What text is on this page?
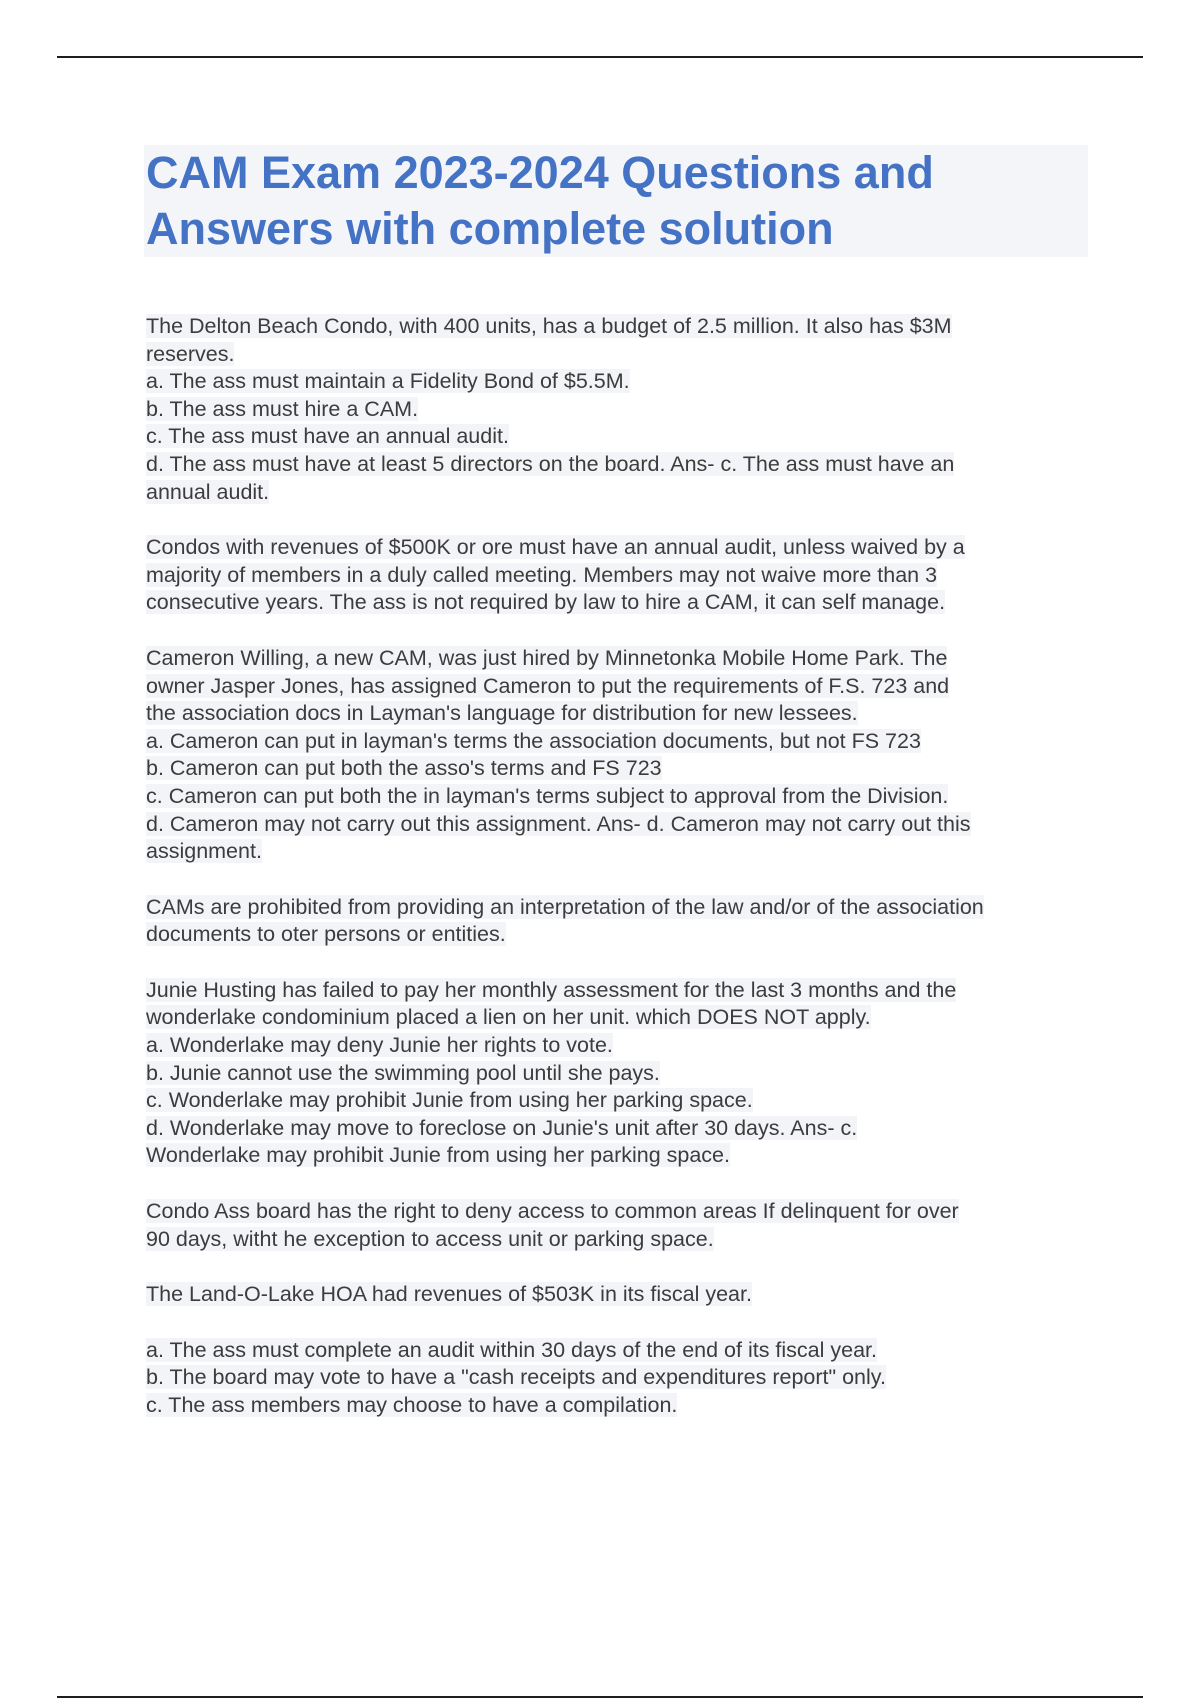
CAM Exam 2023-2024 Questions and
Answers with complete solution

The Delton Beach Condo, with 400 units, has a budget of 2.5 million. It also has $3M
reserves.
a. The ass must maintain a Fidelity Bond of $5.5M.
b. The ass must hire a CAM.
c. The ass must have an annual audit.
d. The ass must have at least 5 directors on the board. Ans- c. The ass must have an
annual audit.

Condos with revenues of $500K or ore must have an annual audit, unless waived by a
majority of members in a duly called meeting. Members may not waive more than 3
consecutive years. The ass is not required by law to hire a CAM, it can self manage.

Cameron Willing, a new CAM, was just hired by Minnetonka Mobile Home Park. The
owner Jasper Jones, has assigned Cameron to put the requirements of F.S. 723 and
the association docs in Layman's language for distribution for new lessees.
a. Cameron can put in layman's terms the association documents, but not FS 723
b. Cameron can put both the asso's terms and FS 723
c. Cameron can put both the in layman's terms subject to approval from the Division.
d. Cameron may not carry out this assignment. Ans- d. Cameron may not carry out this
assignment.

CAMs are prohibited from providing an interpretation of the law and/or of the association
documents to oter persons or entities.

Junie Husting has failed to pay her monthly assessment for the last 3 months and the
wonderlake condominium placed a lien on her unit. which DOES NOT apply.
a. Wonderlake may deny Junie her rights to vote.
b. Junie cannot use the swimming pool until she pays.
c. Wonderlake may prohibit Junie from using her parking space.
d. Wonderlake may move to foreclose on Junie's unit after 30 days. Ans- c.
Wonderlake may prohibit Junie from using her parking space.

Condo Ass board has the right to deny access to common areas If delinquent for over
90 days, witht he exception to access unit or parking space.

The Land-O-Lake HOA had revenues of $503K in its fiscal year.

a. The ass must complete an audit within 30 days of the end of its fiscal year.
b. The board may vote to have a "cash receipts and expenditures report" only.
c. The ass members may choose to have a compilation.
